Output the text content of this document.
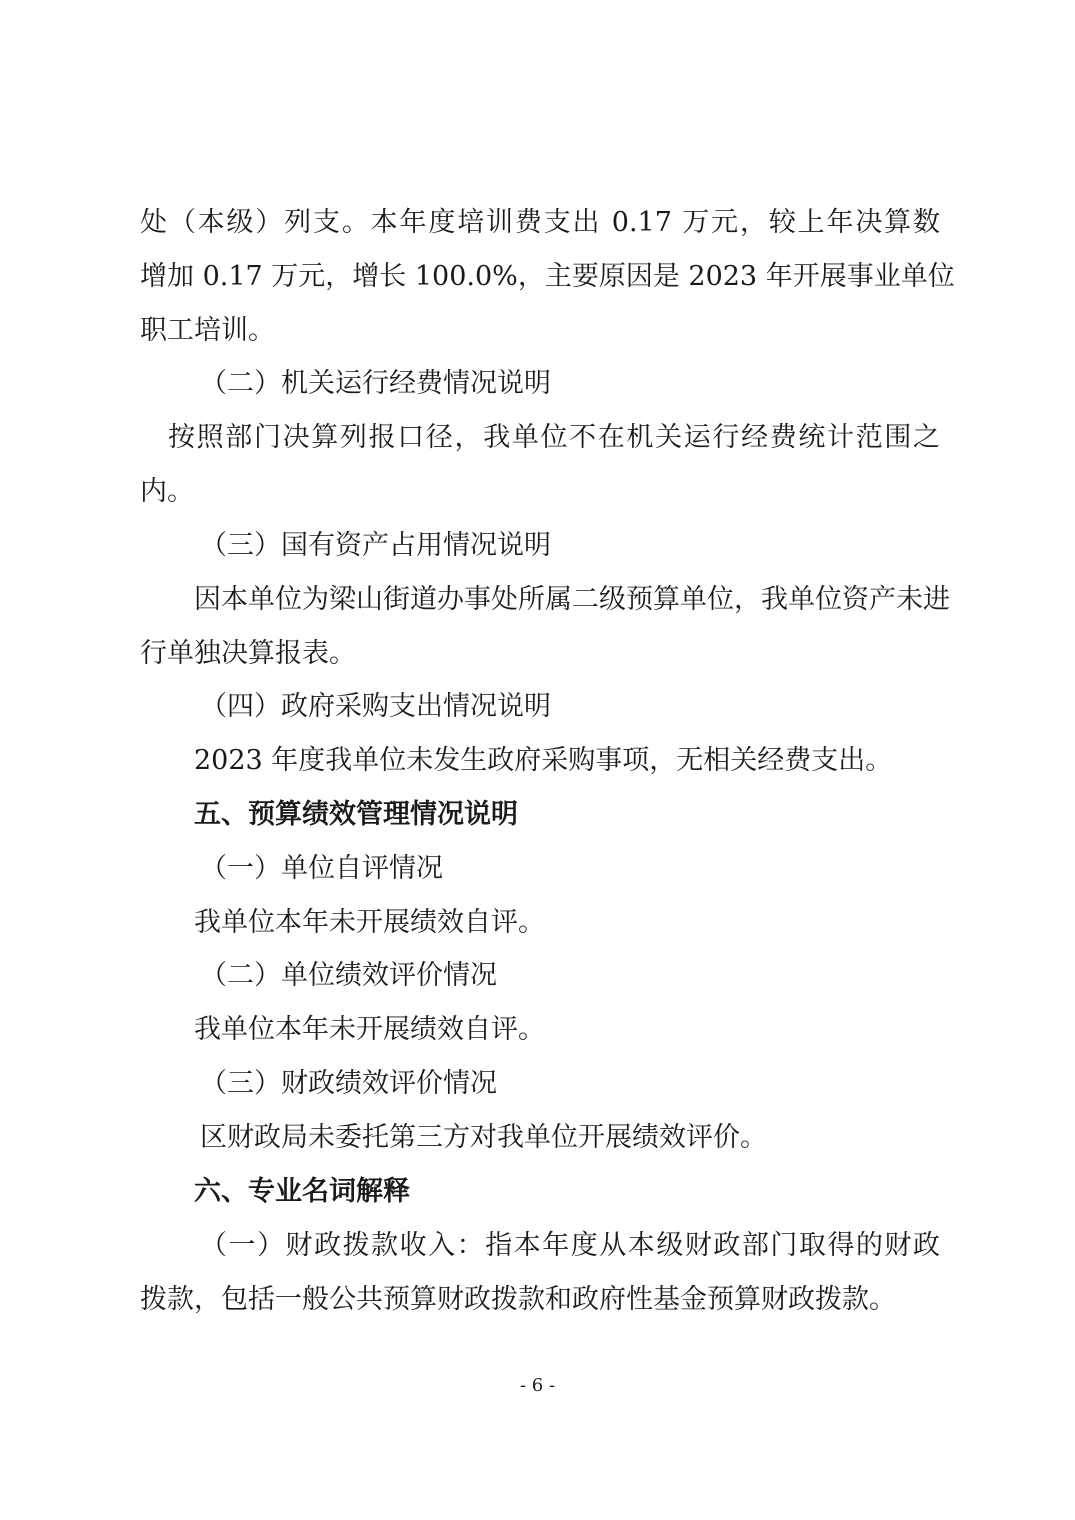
处（本级）列支。本年度培训费支出 0.17 万元，较上年决算数

增加 0.17 万元，增长 100.0%，主要原因是 2023 年开展事业单位

职工培训。

（二）机关运行经费情况说明

按照部门决算列报口径，我单位不在机关运行经费统计范围之

内。

（三）国有资产占用情况说明

因本单位为梁山街道办事处所属二级预算单位，我单位资产未进

行单独决算报表。

（四）政府采购支出情况说明

2023 年度我单位未发生政府采购事项，无相关经费支出。

五、预算绩效管理情况说明

（一）单位自评情况

我单位本年未开展绩效自评。

（二）单位绩效评价情况

我单位本年未开展绩效自评。

（三）财政绩效评价情况

区财政局未委托第三方对我单位开展绩效评价。

六、专业名词解释

（一）财政拨款收入：指本年度从本级财政部门取得的财政

拨款，包括一般公共预算财政拨款和政府性基金预算财政拨款。

- 6 -
